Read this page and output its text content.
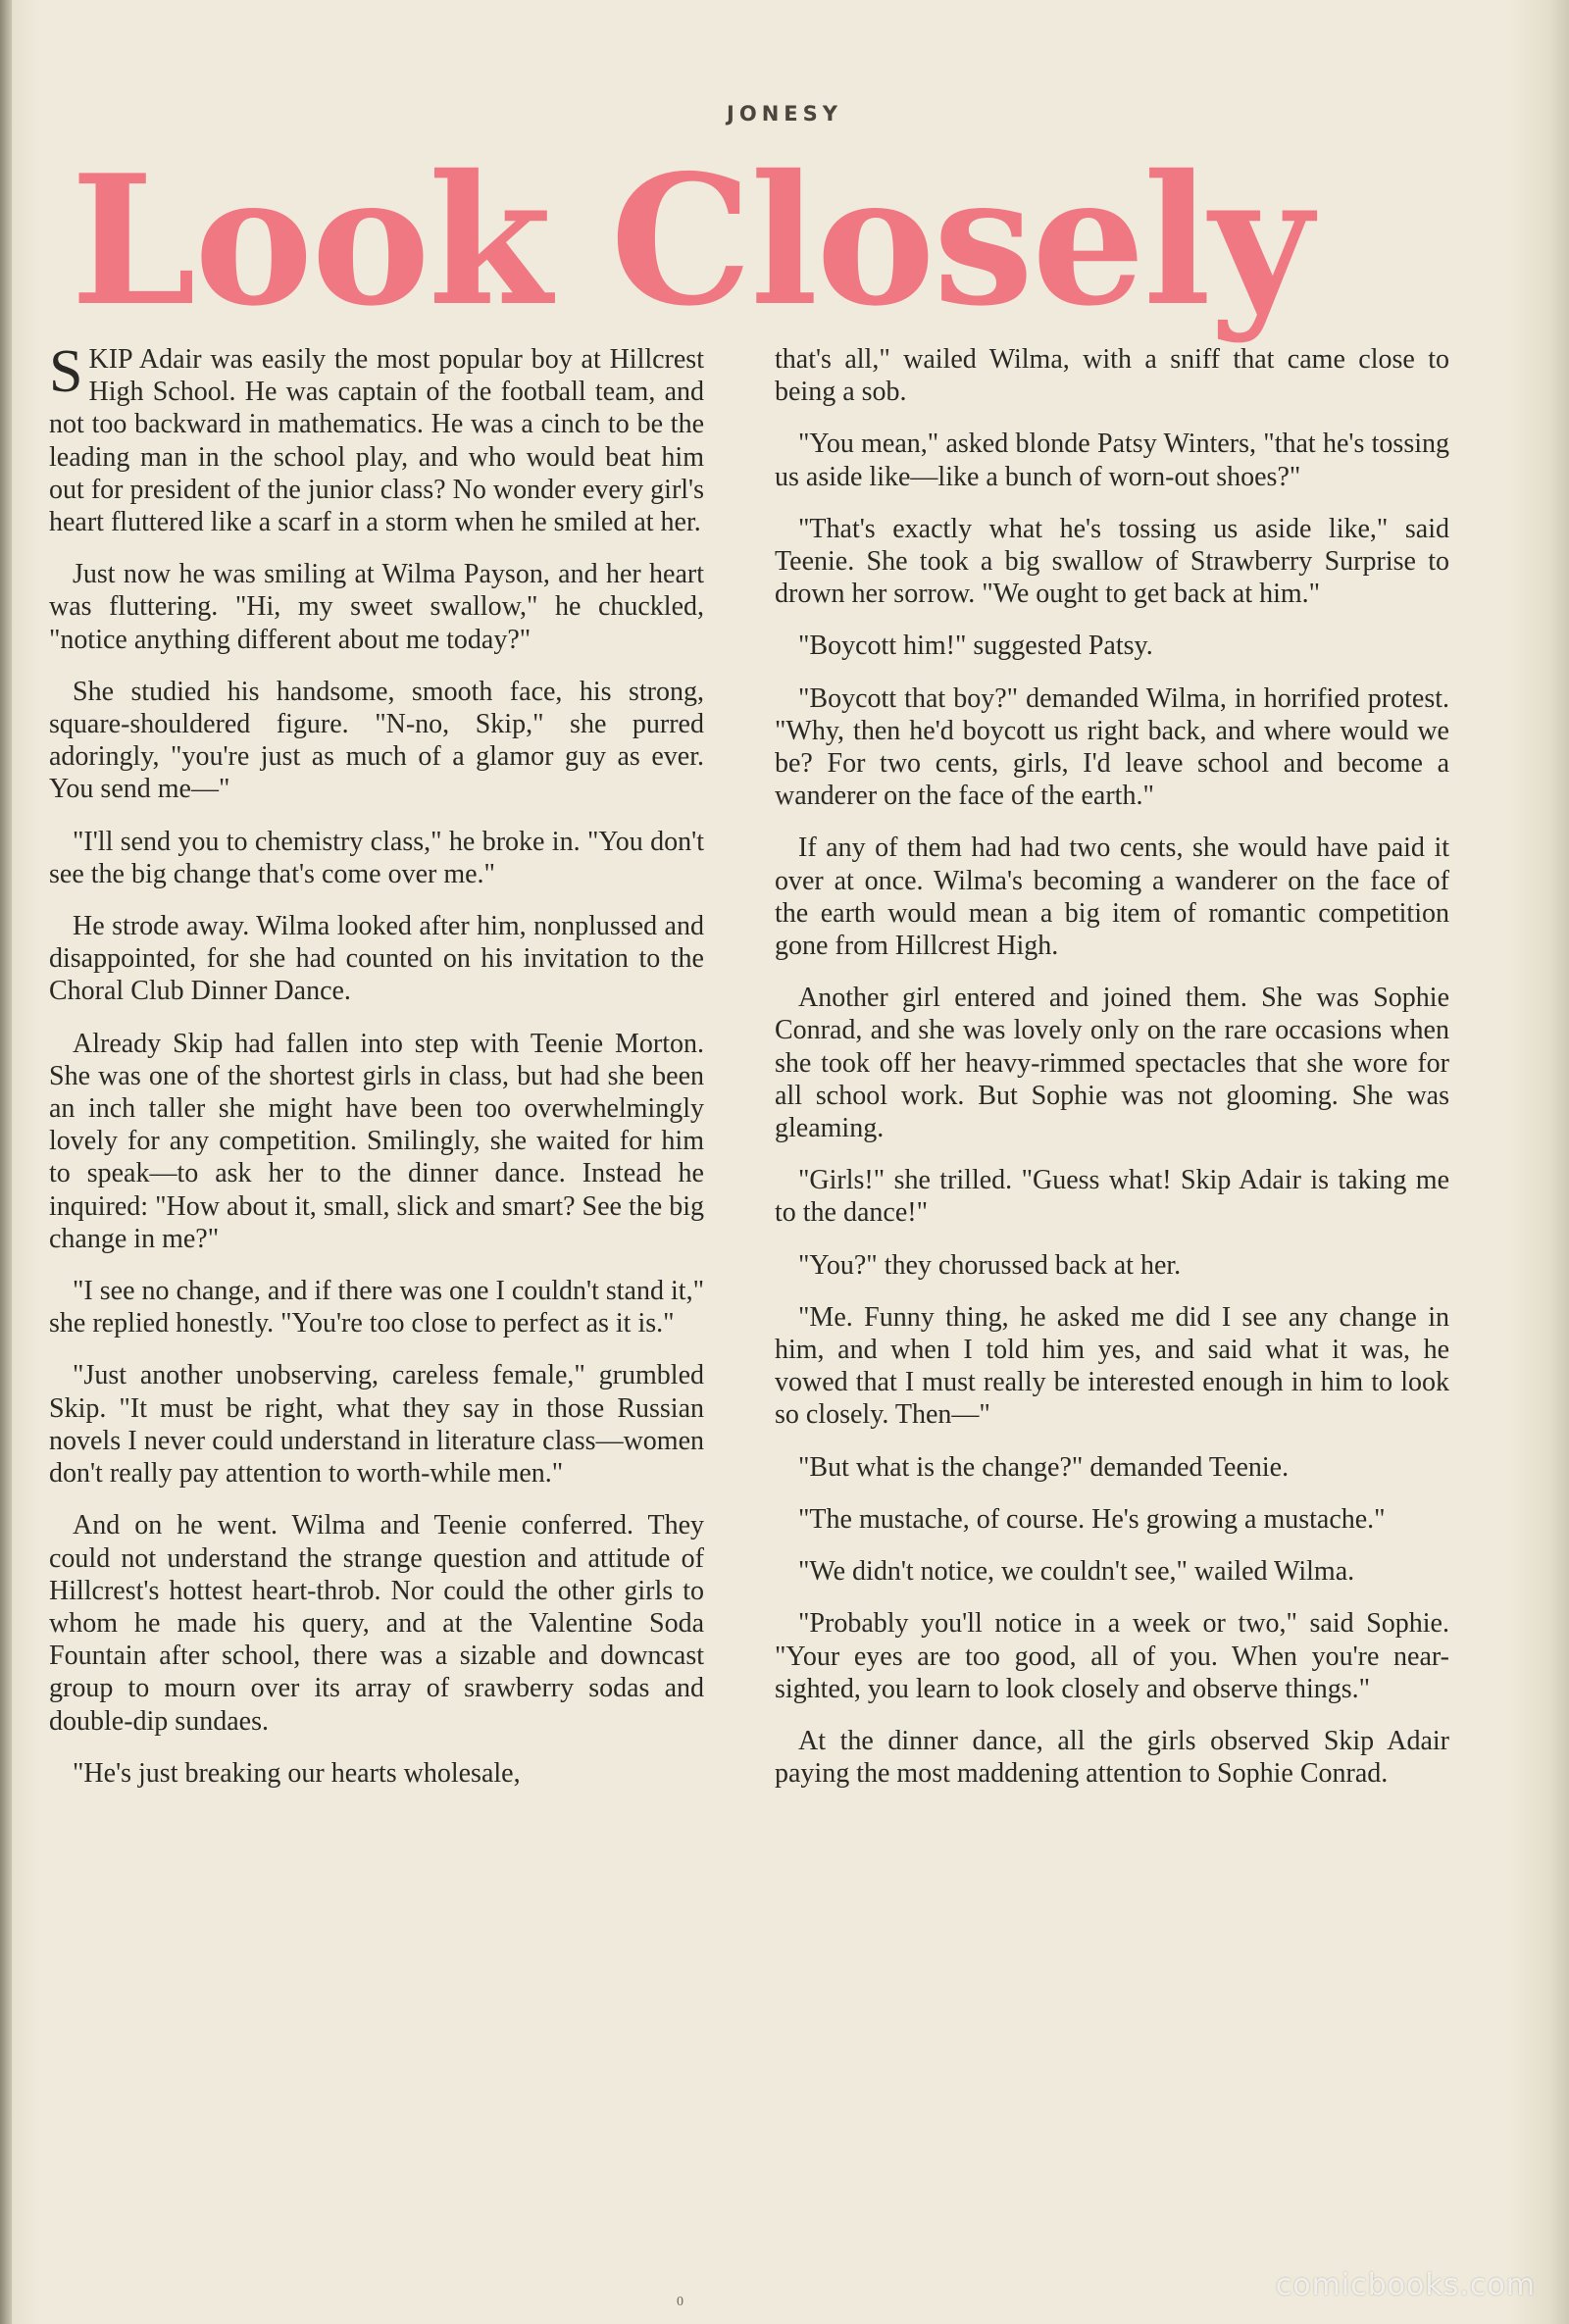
JONESY
Look Closely

SKIP Adair was easily the most popular boy at Hillcrest High School. He was captain of the football team, and not too backward in mathematics. He was a cinch to be the leading man in the school play, and who would beat him out for president of the junior class? No wonder every girl's heart fluttered like a scarf in a storm when he smiled at her.

Just now he was smiling at Wilma Payson, and her heart was fluttering. "Hi, my sweet swallow," he chuckled, "notice anything different about me today?"

She studied his handsome, smooth face, his strong, square-shouldered figure. "N-no, Skip," she purred adoringly, "you're just as much of a glamor guy as ever. You send me—"

"I'll send you to chemistry class," he broke in. "You don't see the big change that's come over me."

He strode away. Wilma looked after him, nonplussed and disappointed, for she had counted on his invitation to the Choral Club Dinner Dance.

Already Skip had fallen into step with Teenie Morton. She was one of the shortest girls in class, but had she been an inch taller she might have been too overwhelmingly lovely for any competition. Smilingly, she waited for him to speak—to ask her to the dinner dance. Instead he inquired: "How about it, small, slick and smart? See the big change in me?"

"I see no change, and if there was one I couldn't stand it," she replied honestly. "You're too close to perfect as it is."

"Just another unobserving, careless female," grumbled Skip. "It must be right, what they say in those Russian novels I never could understand in literature class—women don't really pay attention to worth-while men."

And on he went. Wilma and Teenie conferred. They could not understand the strange question and attitude of Hillcrest's hottest heart-throb. Nor could the other girls to whom he made his query, and at the Valentine Soda Fountain after school, there was a sizable and downcast group to mourn over its array of srawberry sodas and double-dip sundaes.

"He's just breaking our hearts wholesale,

that's all," wailed Wilma, with a sniff that came close to being a sob.

"You mean," asked blonde Patsy Winters, "that he's tossing us aside like—like a bunch of worn-out shoes?"

"That's exactly what he's tossing us aside like," said Teenie. She took a big swallow of Strawberry Surprise to drown her sorrow. "We ought to get back at him."

"Boycott him!" suggested Patsy.

"Boycott that boy?" demanded Wilma, in horrified protest. "Why, then he'd boycott us right back, and where would we be? For two cents, girls, I'd leave school and become a wanderer on the face of the earth."

If any of them had had two cents, she would have paid it over at once. Wilma's becoming a wanderer on the face of the earth would mean a big item of romantic competition gone from Hillcrest High.

Another girl entered and joined them. She was Sophie Conrad, and she was lovely only on the rare occasions when she took off her heavy-rimmed spectacles that she wore for all school work. But Sophie was not glooming. She was gleaming.

"Girls!" she trilled. "Guess what! Skip Adair is taking me to the dance!"

"You?" they chorussed back at her.

"Me. Funny thing, he asked me did I see any change in him, and when I told him yes, and said what it was, he vowed that I must really be interested enough in him to look so closely. Then—"

"But what is the change?" demanded Teenie.

"The mustache, of course. He's growing a mustache."

"We didn't notice, we couldn't see," wailed Wilma.

"Probably you'll notice in a week or two," said Sophie. "Your eyes are too good, all of you. When you're near-sighted, you learn to look closely and observe things."

At the dinner dance, all the girls observed Skip Adair paying the most maddening attention to Sophie Conrad.

0	comicbooks.com
